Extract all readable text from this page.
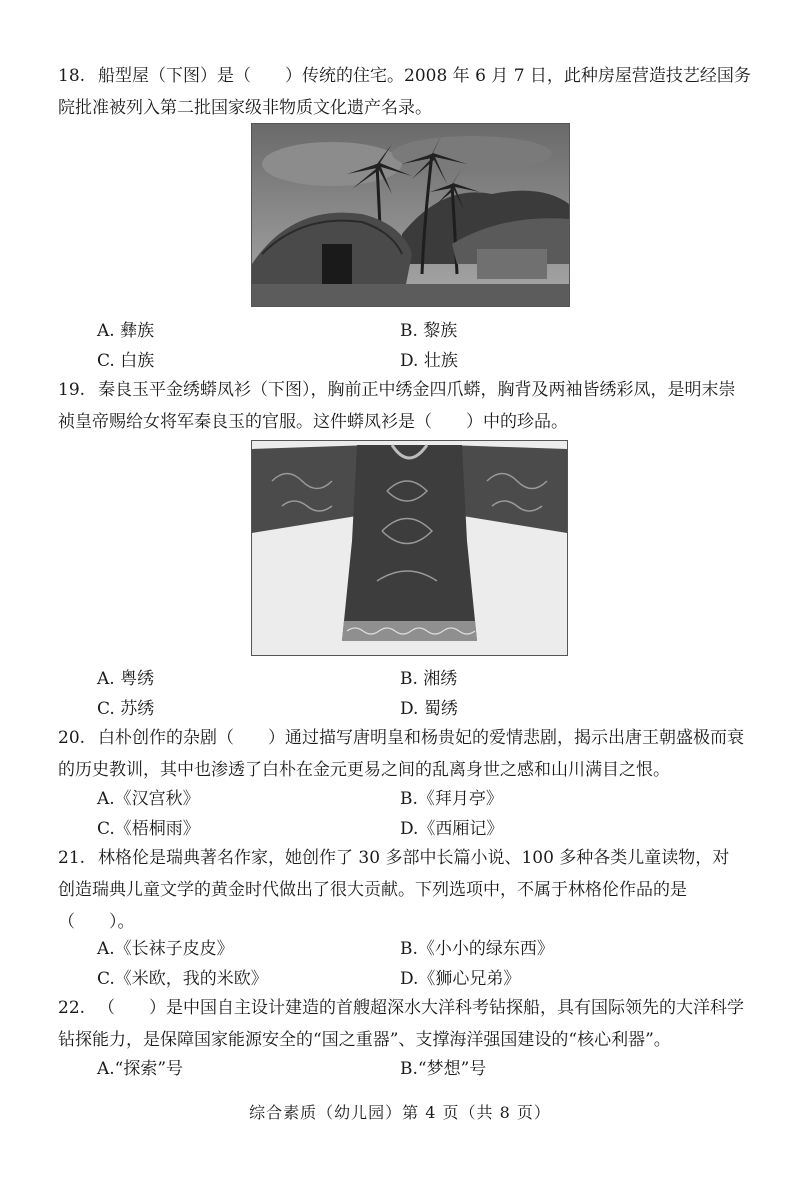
18. 船型屋（下图）是（　　）传统的住宅。2008 年 6 月 7 日，此种房屋营造技艺经国务

院批准被列入第二批国家级非物质文化遗产名录。

A. 彝族	B. 黎族
C. 白族	D. 壮族

19. 秦良玉平金绣蟒凤衫（下图），胸前正中绣金四爪蟒，胸背及两袖皆绣彩凤，是明末崇

祯皇帝赐给女将军秦良玉的官服。这件蟒凤衫是（　　）中的珍品。

A. 粤绣	B. 湘绣
C. 苏绣	D. 蜀绣

20. 白朴创作的杂剧（　　）通过描写唐明皇和杨贵妃的爱情悲剧，揭示出唐王朝盛极而衰

的历史教训，其中也渗透了白朴在金元更易之间的乱离身世之感和山川满目之恨。

A.《汉宫秋》	B.《拜月亭》
C.《梧桐雨》	D.《西厢记》

21. 林格伦是瑞典著名作家，她创作了 30 多部中长篇小说、100 多种各类儿童读物，对

创造瑞典儿童文学的黄金时代做出了很大贡献。下列选项中，不属于林格伦作品的是

（　　）。

A.《长袜子皮皮》	B.《小小的绿东西》
C.《米欧，我的米欧》	D.《狮心兄弟》

22. （　　）是中国自主设计建造的首艘超深水大洋科考钻探船，具有国际领先的大洋科学

钻探能力，是保障国家能源安全的“国之重器”、支撑海洋强国建设的“核心利器”。

A.“探索”号	B.“梦想”号
综合素质（幼儿园）第 4 页（共 8 页）
